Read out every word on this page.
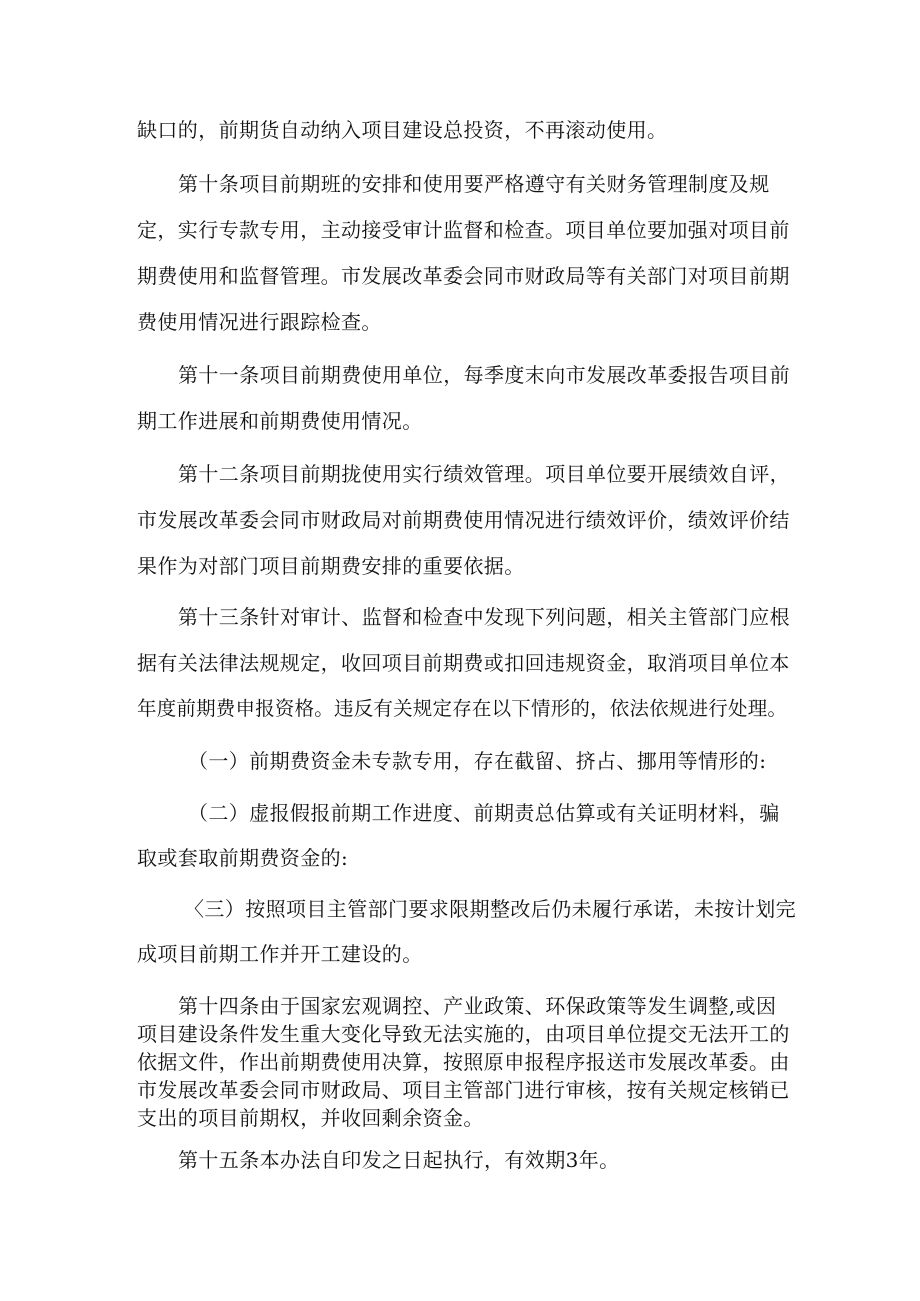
缺口的，前期货自动纳入项目建设总投资，不再滚动使用。
第十条项目前期班的安排和使用要严格遵守有关财务管理制度及规
定，实行专款专用，主动接受审计监督和检查。项目单位要加强对项目前
期费使用和监督管理。市发展改革委会同市财政局等有关部门对项目前期
费使用情况进行跟踪检查。
第十一条项目前期费使用单位，每季度末向市发展改革委报告项目前
期工作进展和前期费使用情况。
第十二条项目前期拢使用实行绩效管理。项目单位要开展绩效自评，
市发展改革委会同市财政局对前期费使用情况进行绩效评价，绩效评价结
果作为对部门项目前期费安排的重要依据。
第十三条针对审计、监督和检查中发现下列问题，相关主管部门应根
据有关法律法规规定，收回项目前期费或扣回违规资金，取消项目单位本
年度前期费申报资格。违反有关规定存在以下情形的，依法依规进行处理。
（一）前期费资金未专款专用，存在截留、挤占、挪用等情形的:
（二）虚报假报前期工作进度、前期责总估算或有关证明材料，骗
取或套取前期费资金的:
〈三）按照项目主管部门要求限期整改后仍未履行承诺，未按计划完
成项目前期工作并开工建设的。
第十四条由于国家宏观调控、产业政策、环保政策等发生调整,或因
项目建设条件发生重大变化导致无法实施的，由项目单位提交无法开工的
依据文件，作出前期费使用决算，按照原申报程序报送市发展改革委。由
市发展改革委会同市财政局、项目主管部门进行审核，按有关规定核销已
支出的项目前期权，并收回剩余资金。
第十五条本办法自印发之日起执行，有效期3年。
